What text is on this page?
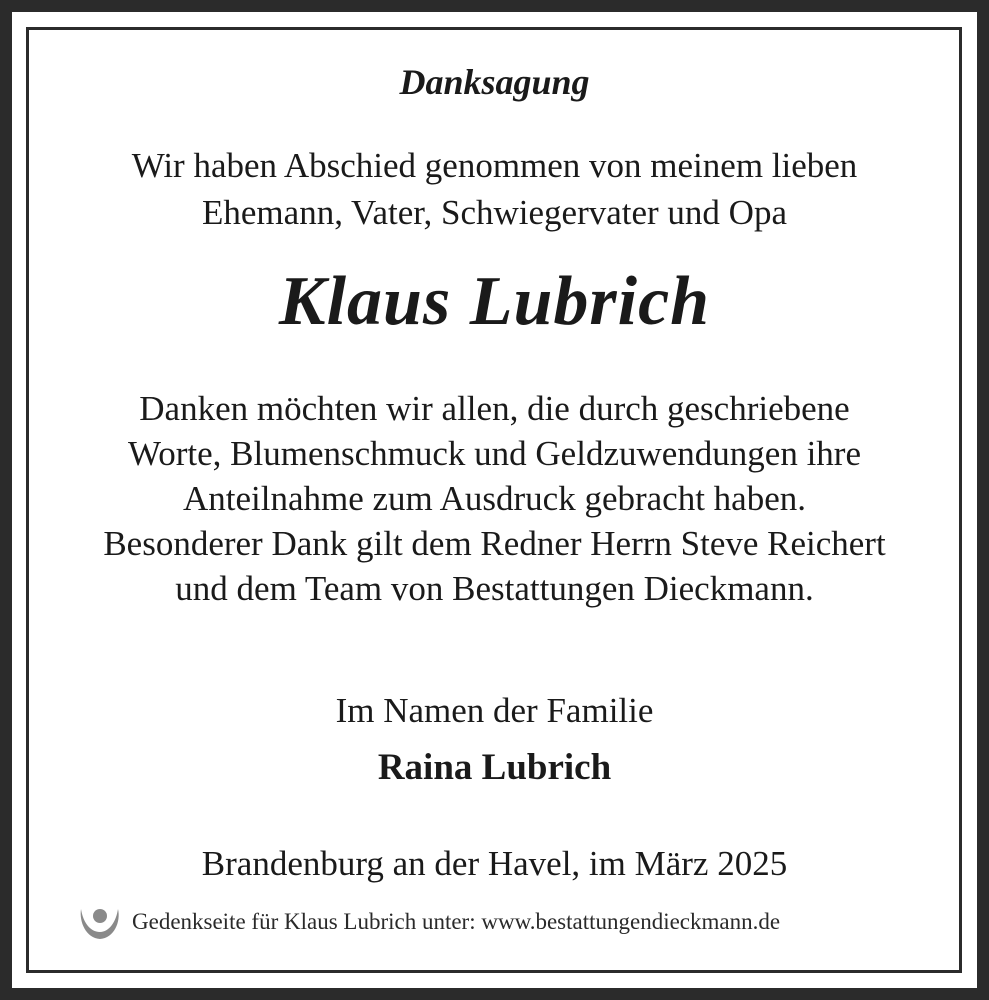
Danksagung
Wir haben Abschied genommen von meinem lieben
Ehemann, Vater, Schwiegervater und Opa
Klaus Lubrich
Danken möchten wir allen, die durch geschriebene
Worte, Blumenschmuck und Geldzuwendungen ihre
Anteilnahme zum Ausdruck gebracht haben.
Besonderer Dank gilt dem Redner Herrn Steve Reichert
und dem Team von Bestattungen Dieckmann.
Im Namen der Familie
Raina Lubrich
Brandenburg an der Havel, im März 2025
Gedenkseite für Klaus Lubrich unter: www.bestattungendieckmann.de
